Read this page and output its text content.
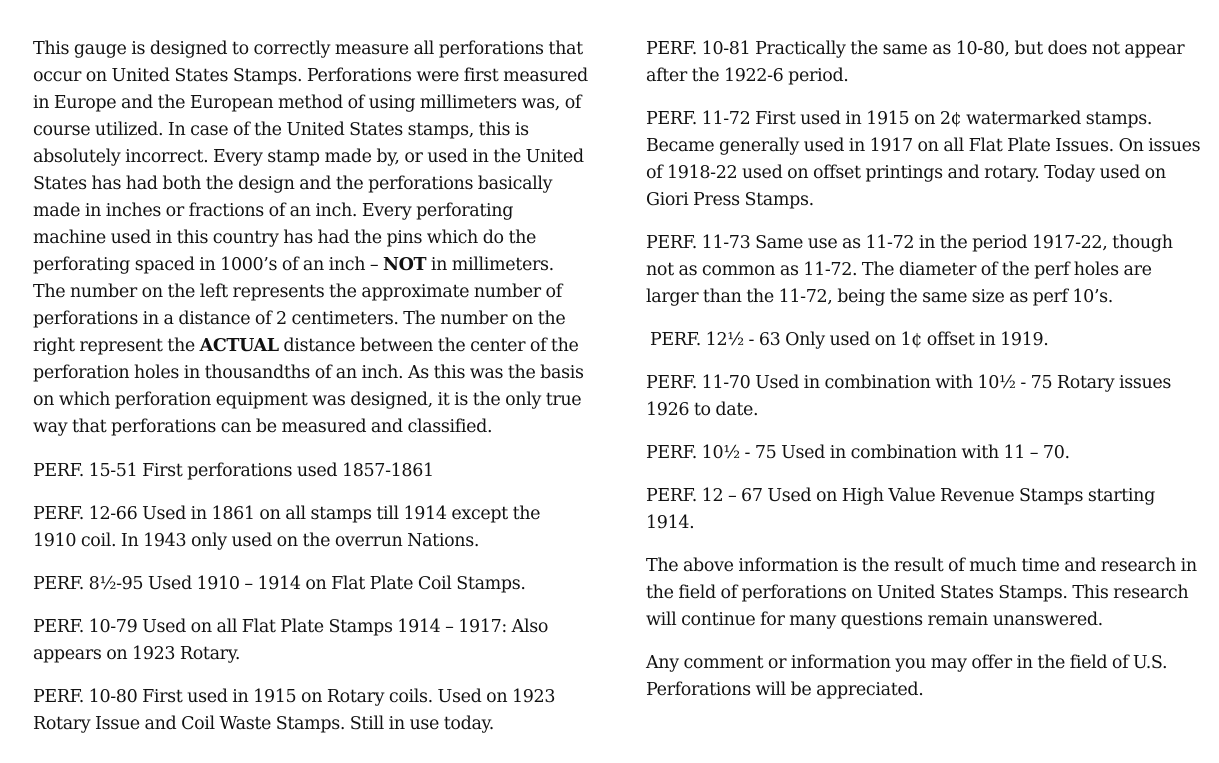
This gauge is designed to correctly measure all perforations that
occur on United States Stamps. Perforations were first measured
in Europe and the European method of using millimeters was, of
course utilized. In case of the United States stamps, this is
absolutely incorrect. Every stamp made by, or used in the United
States has had both the design and the perforations basically
made in inches or fractions of an inch. Every perforating
machine used in this country has had the pins which do the
perforating spaced in 1000’s of an inch – NOT in millimeters.
The number on the left represents the approximate number of
perforations in a distance of 2 centimeters. The number on the
right represent the ACTUAL distance between the center of the
perforation holes in thousandths of an inch. As this was the basis
on which perforation equipment was designed, it is the only true
way that perforations can be measured and classified.

PERF. 15-51 First perforations used 1857-1861

PERF. 12-66 Used in 1861 on all stamps till 1914 except the
1910 coil. In 1943 only used on the overrun Nations.

PERF. 8½-95 Used 1910 – 1914 on Flat Plate Coil Stamps.

PERF. 10-79 Used on all Flat Plate Stamps 1914 – 1917: Also
appears on 1923 Rotary.

PERF. 10-80 First used in 1915 on Rotary coils. Used on 1923
Rotary Issue and Coil Waste Stamps. Still in use today.

PERF. 10-81 Practically the same as 10-80, but does not appear
after the 1922-6 period.

PERF. 11-72 First used in 1915 on 2¢ watermarked stamps.
Became generally used in 1917 on all Flat Plate Issues. On issues
of 1918-22 used on offset printings and rotary. Today used on
Giori Press Stamps.

PERF. 11-73 Same use as 11-72 in the period 1917-22, though
not as common as 11-72. The diameter of the perf holes are
larger than the 11-72, being the same size as perf 10’s.

PERF. 12½ - 63 Only used on 1¢ offset in 1919.

PERF. 11-70 Used in combination with 10½ - 75 Rotary issues
1926 to date.

PERF. 10½ - 75 Used in combination with 11 – 70.

PERF. 12 – 67 Used on High Value Revenue Stamps starting
1914.

The above information is the result of much time and research in
the field of perforations on United States Stamps. This research
will continue for many questions remain unanswered.

Any comment or information you may offer in the field of U.S.
Perforations will be appreciated.
